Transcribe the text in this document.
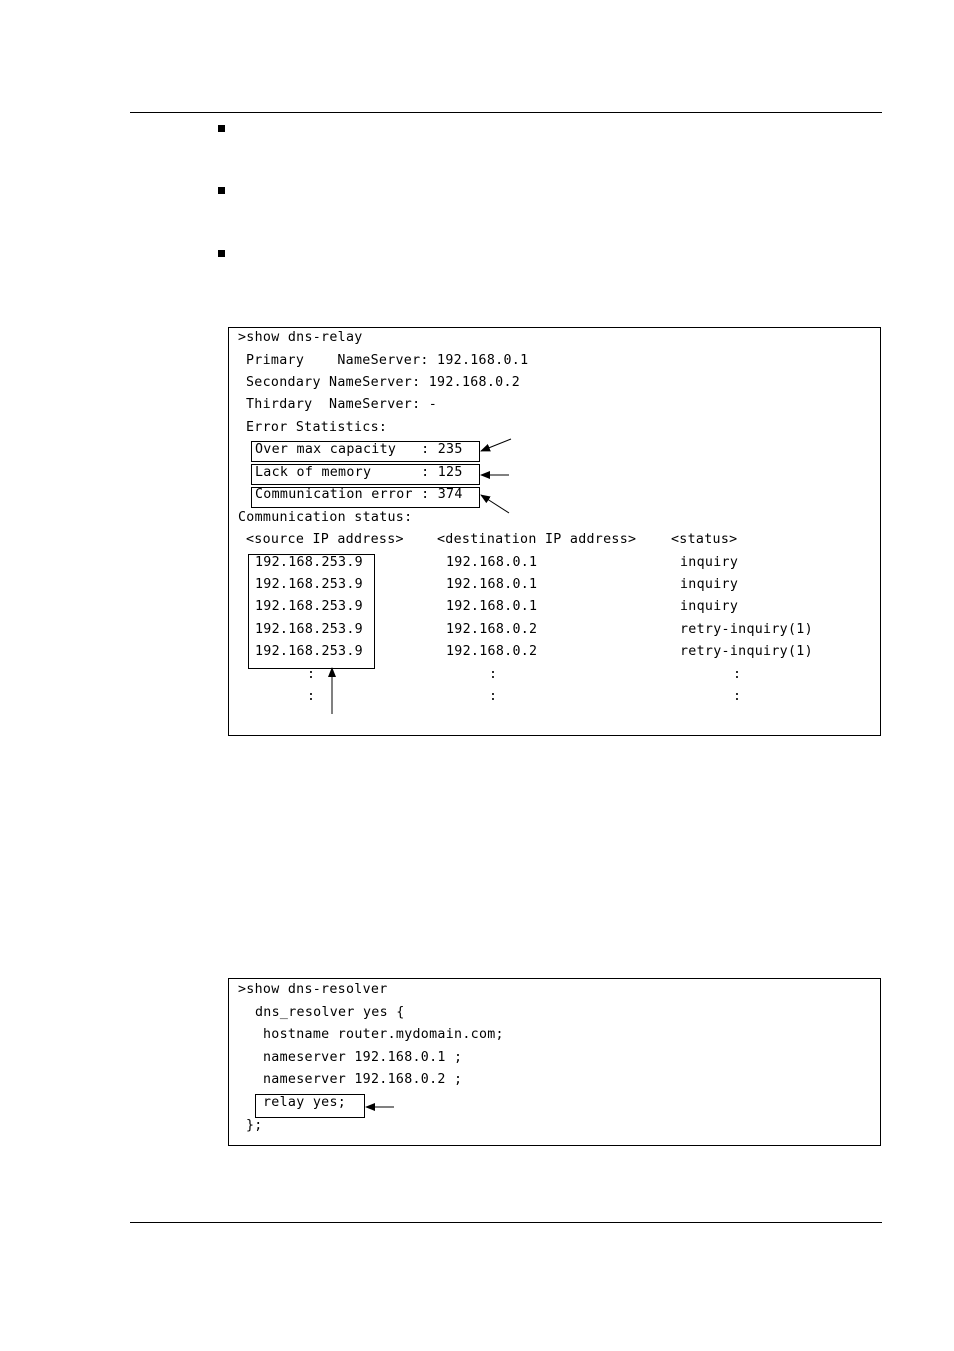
>show dns-relay
Primary    NameServer: 192.168.0.1
Secondary NameServer: 192.168.0.2
Thirdary  NameServer: -
Error Statistics:
Over max capacity   : 235
Lack of memory      : 125
Communication error : 374
Communication status:
<source IP address> <destination IP address>	<status>
192.168.253.9	192.168.0.1	inquiry
192.168.253.9	192.168.0.1	inquiry
192.168.253.9	192.168.0.1	inquiry
192.168.253.9	192.168.0.2	retry-inquiry(1)
192.168.253.9	192.168.0.2	retry-inquiry(1)
:	:	:
:	:	:
>show dns-resolver
dns_resolver yes {
hostname router.mydomain.com;
nameserver 192.168.0.1 ;
nameserver 192.168.0.2 ;
relay yes;
};
